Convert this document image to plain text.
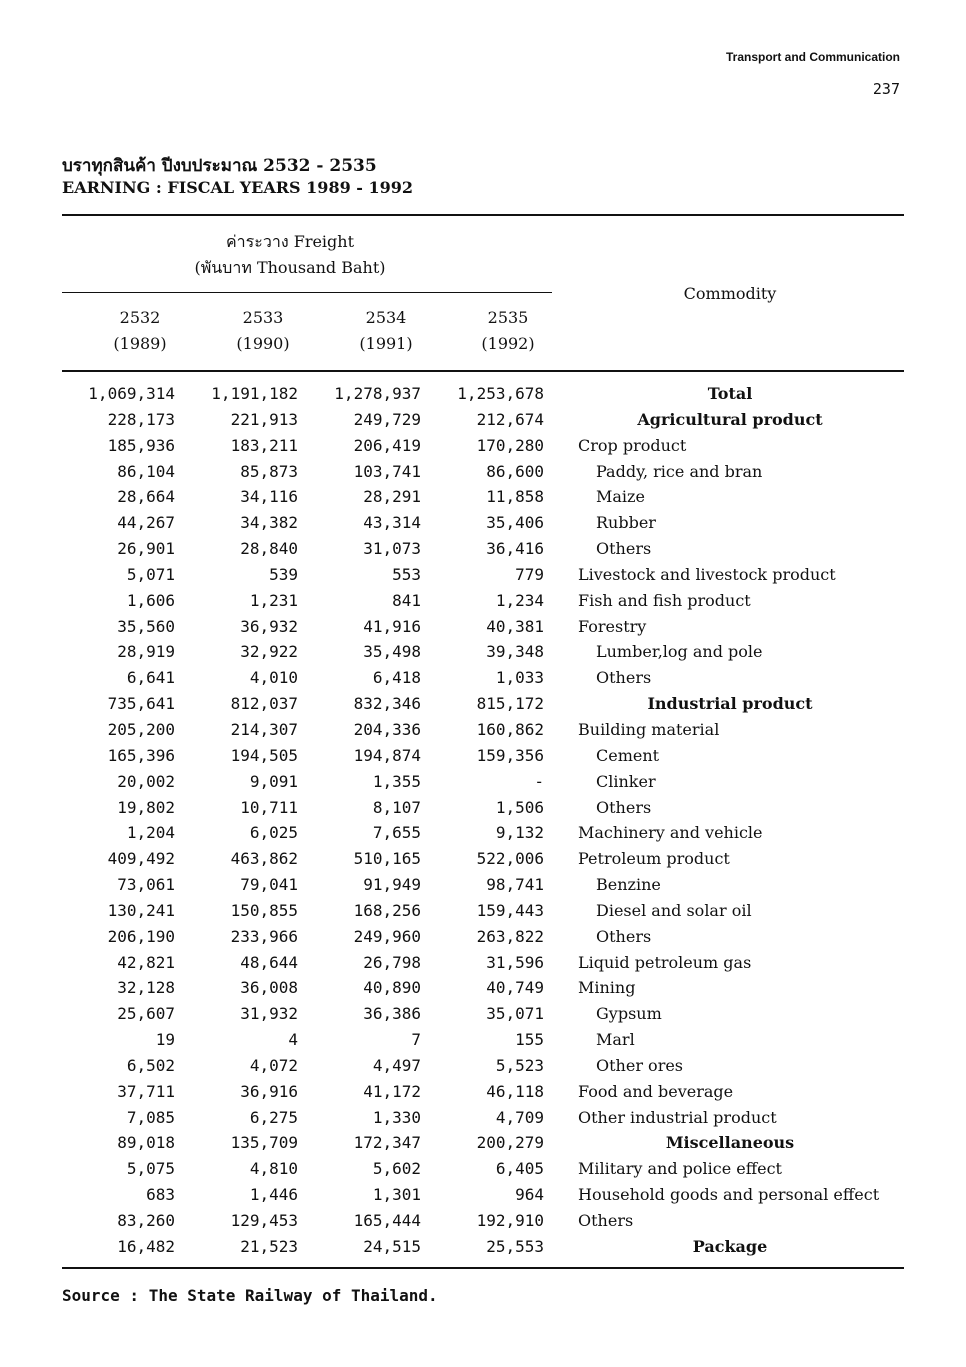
Transport and Communication
237
บราทุกสินค้า ปีงบประมาณ 2532 - 2535
EARNING : FISCAL YEARS 1989 - 1992
ค่าระวาง Freight
(พันบาท Thousand Baht)
Commodity
2532
(1989)
2533
(1990)
2534
(1991)
2535
(1992)
1,069,314	1,191,182	1,278,937	1,253,678	Total
228,173	221,913	249,729	212,674	Agricultural product
185,936	183,211	206,419	170,280 Crop product
86,104	85,873	103,741	86,600	Paddy, rice and bran
28,664	34,116	28,291	11,858	Maize
44,267	34,382	43,314	35,406	Rubber
26,901	28,840	31,073	36,416	Others
5,071	539	553	779 Livestock and livestock product
1,606	1,231	841	1,234 Fish and fish product
35,560	36,932	41,916	40,381 Forestry
28,919	32,922	35,498	39,348	Lumber,log and pole
6,641	4,010	6,418	1,033	Others
735,641	812,037	832,346	815,172	Industrial product
205,200	214,307	204,336	160,862 Building material
165,396	194,505	194,874	159,356	Cement
20,002	9,091	1,355	-	Clinker
19,802	10,711	8,107	1,506	Others
1,204	6,025	7,655	9,132 Machinery and vehicle
409,492	463,862	510,165	522,006 Petroleum product
73,061	79,041	91,949	98,741	Benzine
130,241	150,855	168,256	159,443	Diesel and solar oil
206,190	233,966	249,960	263,822	Others
42,821	48,644	26,798	31,596 Liquid petroleum gas
32,128	36,008	40,890	40,749 Mining
25,607	31,932	36,386	35,071	Gypsum
19	4	7	155	Marl
6,502	4,072	4,497	5,523	Other ores
37,711	36,916	41,172	46,118 Food and beverage
7,085	6,275	1,330	4,709 Other industrial product
89,018	135,709	172,347	200,279	Miscellaneous
5,075	4,810	5,602	6,405 Military and police effect
683	1,446	1,301	964 Household goods and personal effect
83,260	129,453	165,444	192,910 Others
16,482	21,523	24,515	25,553	Package
Source : The State Railway of Thailand.
